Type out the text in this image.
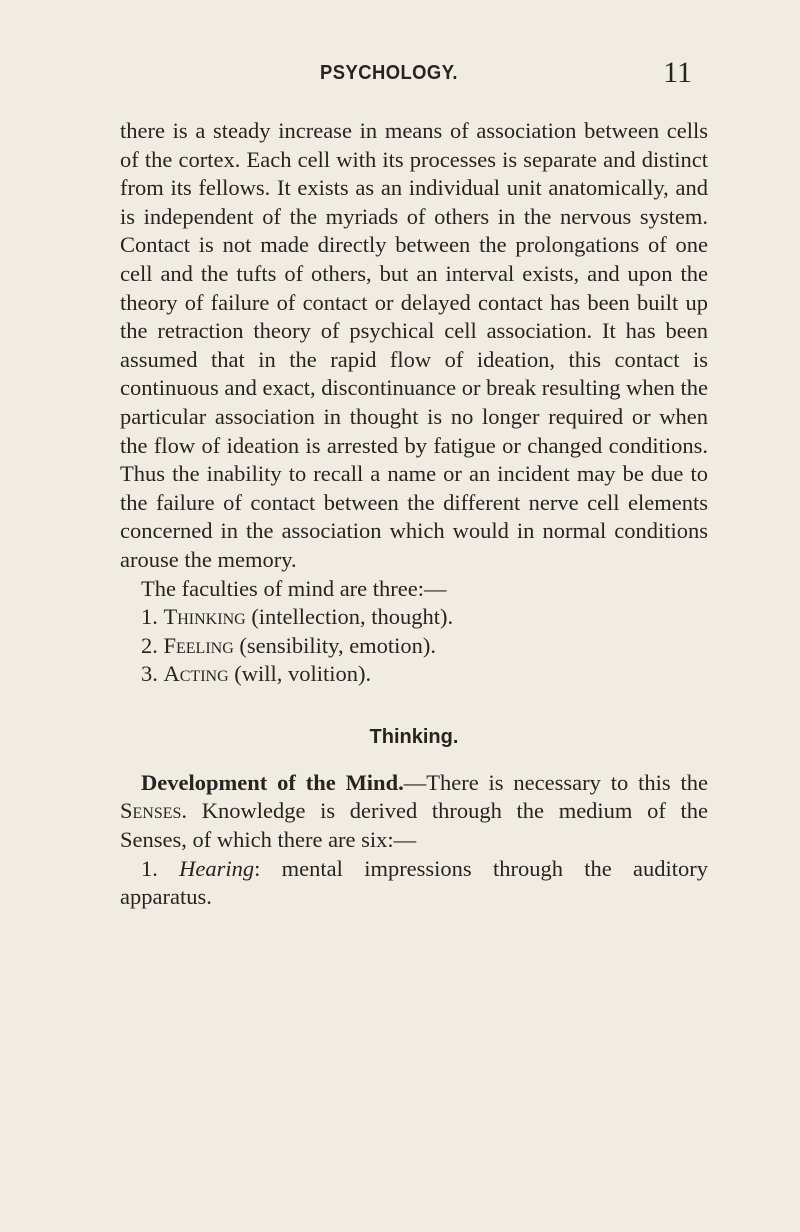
PSYCHOLOGY.	11

there is a steady increase in means of association between cells of the cortex. Each cell with its processes is separate and distinct from its fellows. It exists as an individual unit anatomically, and is independent of the myriads of others in the nervous system. Contact is not made directly between the prolongations of one cell and the tufts of others, but an interval exists, and upon the theory of failure of contact or delayed contact has been built up the retraction theory of psychical cell association. It has been assumed that in the rapid flow of ideation, this contact is continuous and exact, discontinuance or break resulting when the particular association in thought is no longer required or when the flow of ideation is arrested by fatigue or changed conditions. Thus the inability to recall a name or an incident may be due to the failure of contact between the different nerve cell elements concerned in the association which would in normal conditions arouse the memory.

The faculties of mind are three:—

1. Thinking (intellection, thought).

2. Feeling (sensibility, emotion).

3. Acting (will, volition).

Thinking.

Development of the Mind.—There is necessary to this the Senses. Knowledge is derived through the medium of the Senses, of which there are six:—

1. Hearing: mental impressions through the auditory apparatus.
